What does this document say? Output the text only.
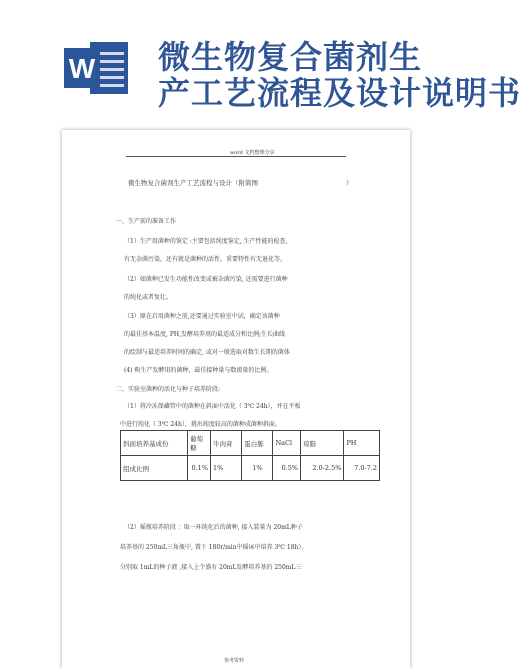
W 微生物复合菌剂生
产工艺流程及设计说明书
word 文档整理分享
微生物复合菌剂生产工艺流程与设计（附简图	）
一、生产前的准备工作
（1）生产用菌种的鉴定 :主要包括纯度鉴定, 生产性能的检查,
有无杂菌污染，还有就是菌种的活性，重要特性有无退化等。
（2）如菌种已发生功能性改变或被杂菌污染, 还需要进行菌种
的纯化或者复壮。
（3）原在启用菌种之前,还要通过实验室中试，确定该菌种
的最佳基本温度, PH,发酵培养基的最适成分和比例;生长曲线
的绘制与最适培养时间的确定, 或对一般选取对数生长期的菌体
(4) 购生产发酵用的菌种，最佳接种量与数流量的比例。
二、实验室菌种的活化与种子培养阶段:
（1）将冷冻保藏管中的菌种在斜面中活化（ 3℃ 24h），并在平板
中进行纯化（ 3℃ 24h），挑出纯度较高的菌种成菌种斜面。
斜面培养基成份	葡萄糖	牛肉膏	蛋白胨	NaCl	琼脂	PH
组成比例	0.1%	1%	1%	0.5%	2.0-2.5%	7.0-7.2
（2）摇瓶培养阶段 ：取一环纯化后的菌种, 接入装量为 20mL种子
培养基的 250mL三角瓶中, 置于 180r/min中摇床中培养 3℃ 18h）。
分别取 1mL的种子液 ,接入上个盛有 20mL发酵培养基的 250mL三
参考资料
